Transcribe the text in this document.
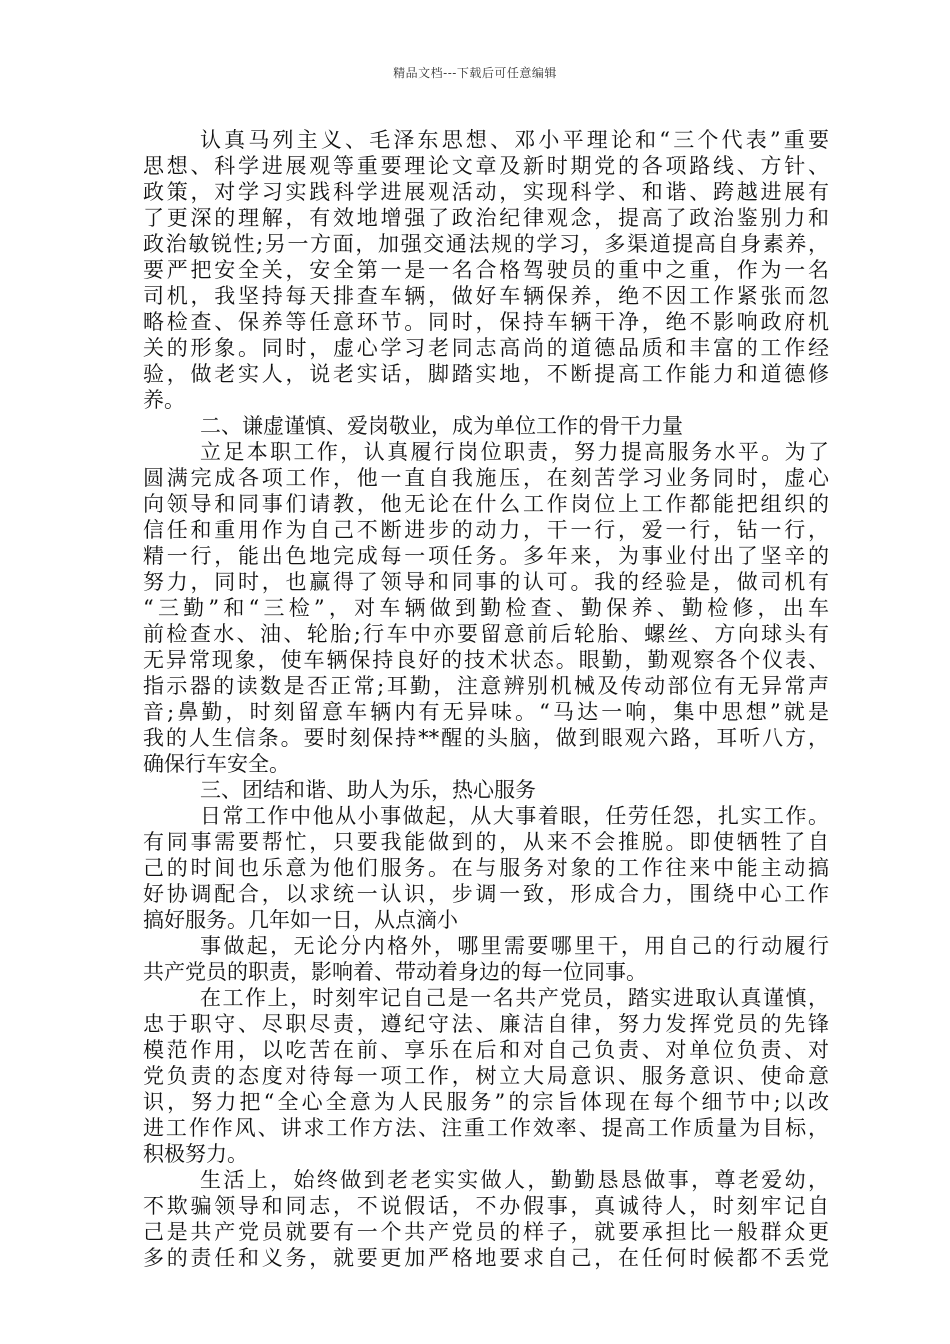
精品文档---下载后可任意编辑
认真马列主义、毛泽东思想、邓小平理论和“三个代表”重要
思想、科学进展观等重要理论文章及新时期党的各项路线、方针、
政策，对学习实践科学进展观活动，实现科学、和谐、跨越进展有
了更深的理解，有效地增强了政治纪律观念，提高了政治鉴别力和
政治敏锐性;另一方面，加强交通法规的学习，多渠道提高自身素养，
要严把安全关，安全第一是一名合格驾驶员的重中之重，作为一名
司机，我坚持每天排查车辆，做好车辆保养，绝不因工作紧张而忽
略检查、保养等任意环节。同时，保持车辆干净，绝不影响政府机
关的形象。同时，虚心学习老同志高尚的道德品质和丰富的工作经
验，做老实人，说老实话，脚踏实地，不断提高工作能力和道德修
养。
二、谦虚谨慎、爱岗敬业，成为单位工作的骨干力量
立足本职工作，认真履行岗位职责，努力提高服务水平。为了
圆满完成各项工作，他一直自我施压，在刻苦学习业务同时，虚心
向领导和同事们请教，他无论在什么工作岗位上工作都能把组织的
信任和重用作为自己不断进步的动力，干一行，爱一行，钻一行，
精一行，能出色地完成每一项任务。多年来，为事业付出了坚辛的
努力，同时，也赢得了领导和同事的认可。我的经验是，做司机有
“三勤”和“三检”，对车辆做到勤检查、勤保养、勤检修，出车
前检查水、油、轮胎;行车中亦要留意前后轮胎、螺丝、方向球头有
无异常现象，使车辆保持良好的技术状态。眼勤，勤观察各个仪表、
指示器的读数是否正常;耳勤，注意辨别机械及传动部位有无异常声
音;鼻勤，时刻留意车辆内有无异味。“马达一响，集中思想”就是
我的人生信条。要时刻保持**醒的头脑，做到眼观六路，耳听八方，
确保行车安全。
三、团结和谐、助人为乐，热心服务
日常工作中他从小事做起，从大事着眼，任劳任怨，扎实工作。
有同事需要帮忙，只要我能做到的，从来不会推脱。即使牺牲了自
己的时间也乐意为他们服务。在与服务对象的工作往来中能主动搞
好协调配合，以求统一认识，步调一致，形成合力，围绕中心工作
搞好服务。几年如一日，从点滴小
事做起，无论分内格外，哪里需要哪里干，用自己的行动履行
共产党员的职责，影响着、带动着身边的每一位同事。
在工作上，时刻牢记自己是一名共产党员，踏实进取认真谨慎，
忠于职守、尽职尽责，遵纪守法、廉洁自律，努力发挥党员的先锋
模范作用，以吃苦在前、享乐在后和对自己负责、对单位负责、对
党负责的态度对待每一项工作，树立大局意识、服务意识、使命意
识，努力把“全心全意为人民服务”的宗旨体现在每个细节中;以改
进工作作风、讲求工作方法、注重工作效率、提高工作质量为目标，
积极努力。
生活上，始终做到老老实实做人，勤勤恳恳做事，尊老爱幼，
不欺骗领导和同志，不说假话，不办假事，真诚待人，时刻牢记自
己是共产党员就要有一个共产党员的样子，就要承担比一般群众更
多的责任和义务，就要更加严格地要求自己，在任何时候都不丢党
